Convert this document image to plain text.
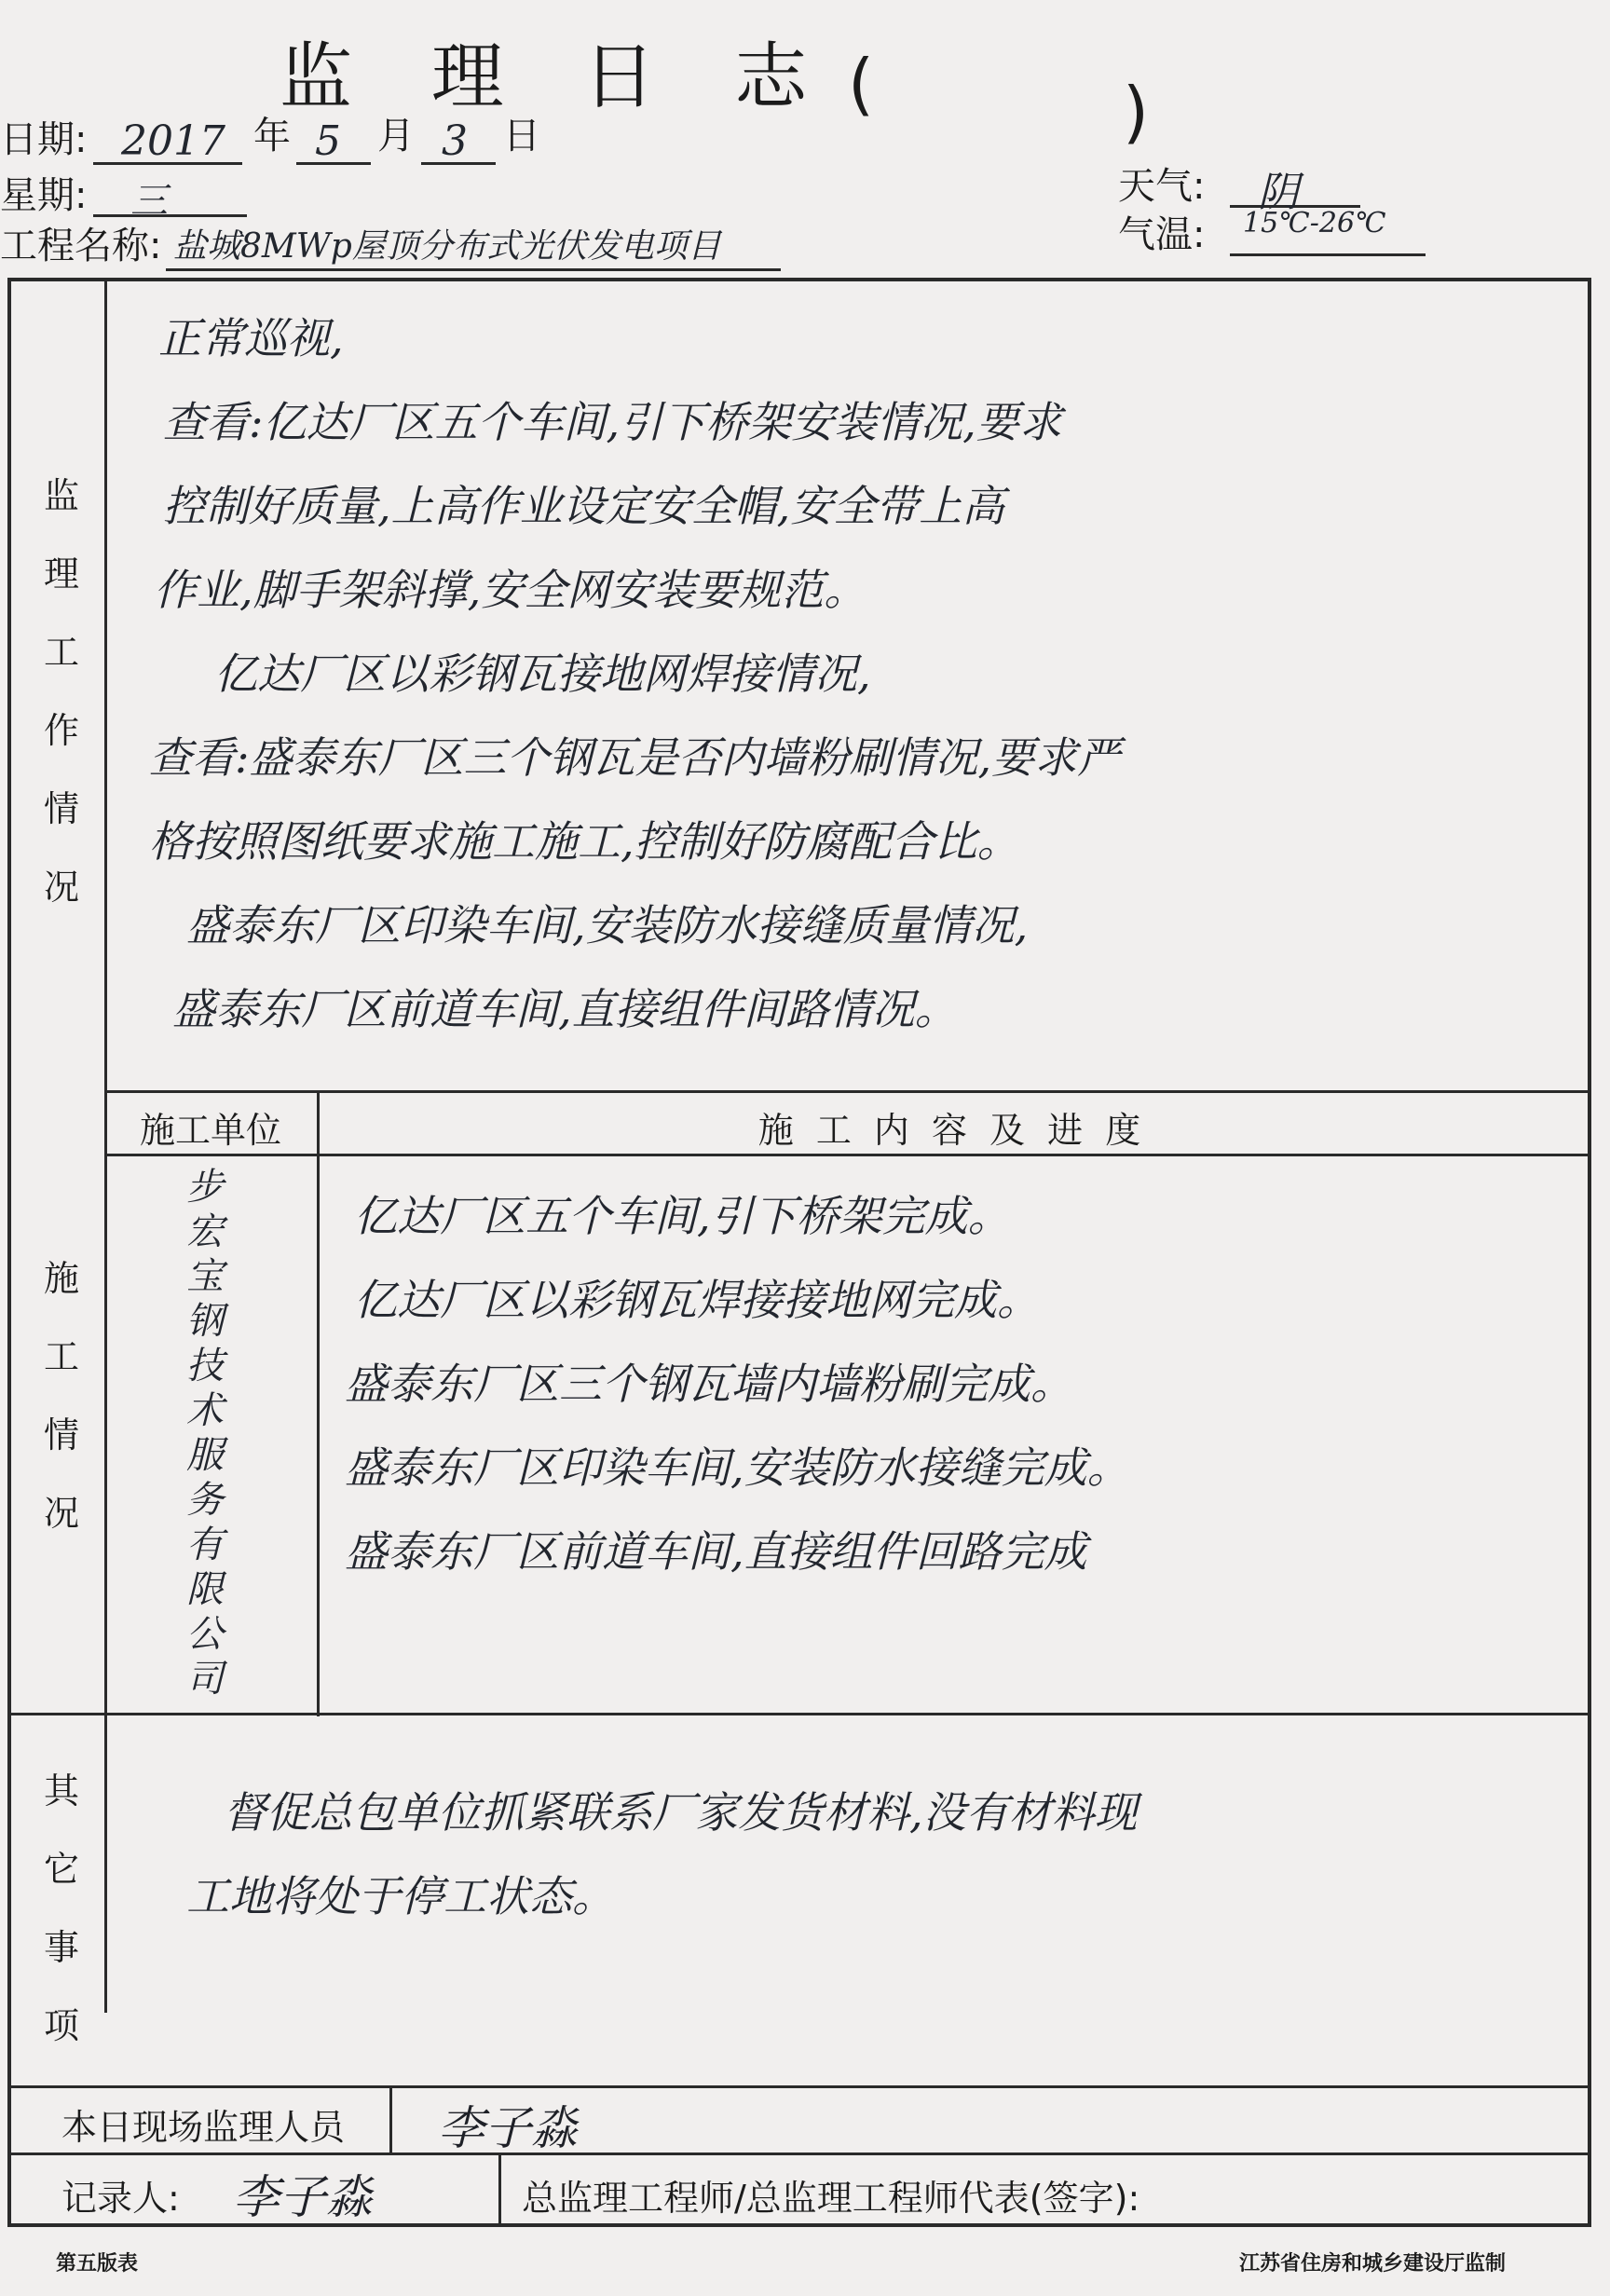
监 理 日 志 (	)
日期: 2017 年 5 月 3 日
星期:	三	天气:	阴
气温:	15℃-26℃
工程名称: 盐城8MWp屋顶分布式光伏发电项目
监
理
工
作
情
况
正常巡视,
查看:亿达厂区五个车间,引下桥架安装情况,要求
控制好质量,上高作业设定安全帽,安全带上高
作业,脚手架斜撑,安全网安装要规范。
亿达厂区以彩钢瓦接地网焊接情况,
查看:盛泰东厂区三个钢瓦是否内墙粉刷情况,要求严
格按照图纸要求施工施工,控制好防腐配合比。
盛泰东厂区印染车间,安装防水接缝质量情况,
盛泰东厂区前道车间,直接组件间路情况。
施
工
情
况
施工单位	施 工 内 容 及 进 度
步宏宝钢技术服务有限公司
亿达厂区五个车间,引下桥架完成。
亿达厂区以彩钢瓦焊接接地网完成。
盛泰东厂区三个钢瓦墙内墙粉刷完成。
盛泰东厂区印染车间,安装防水接缝完成。
盛泰东厂区前道车间,直接组件回路完成
其
它
事
项
督促总包单位抓紧联系厂家发货材料,没有材料现
工地将处于停工状态。
本日现场监理人员 李子淼
记录人: 李子淼	总监理工程师/总监理工程师代表(签字):
第五版表	江苏省住房和城乡建设厅监制
